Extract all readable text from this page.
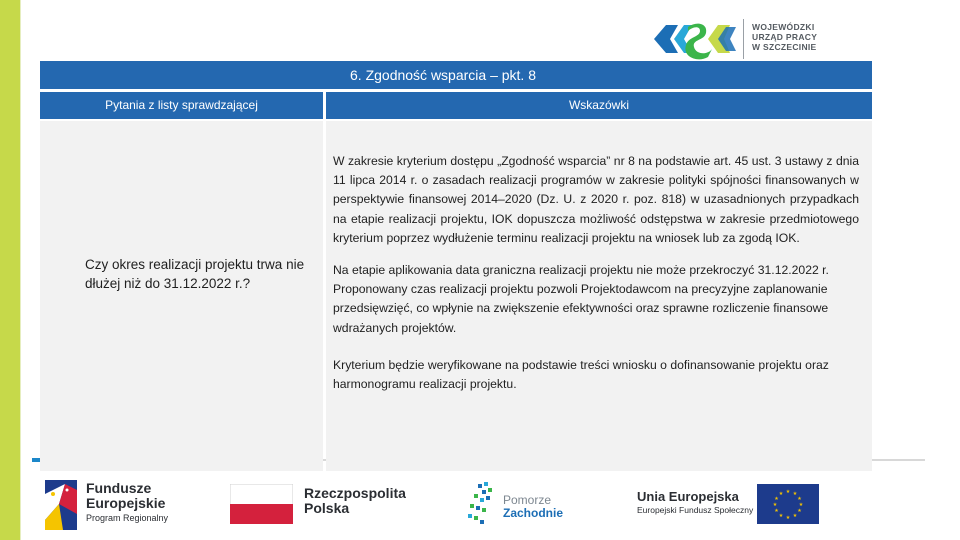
WOJEWÓDZKI
URZĄD PRACY
W SZCZECINIE
6. Zgodność wsparcia – pkt. 8
Pytania z listy sprawdzającej	Wskazówki
Czy okres realizacji projektu trwa nie dłużej niż do 31.12.2022 r.?

W zakresie kryterium dostępu „Zgodność wsparcia” nr 8 na podstawie art. 45 ust. 3 ustawy z dnia 11 lipca 2014 r. o zasadach realizacji programów w zakresie polityki spójności finansowanych w perspektywie finansowej 2014–2020 (Dz. U. z 2020 r. poz. 818) w uzasadnionych przypadkach na etapie realizacji projektu, IOK dopuszcza możliwość odstępstwa w zakresie przedmiotowego kryterium poprzez wydłużenie terminu realizacji projektu na wniosek lub za zgodą IOK.

Na etapie aplikowania data graniczna realizacji projektu nie może przekroczyć 31.12.2022 r.

Proponowany czas realizacji projektu pozwoli Projektodawcom na precyzyjne zaplanowanie przedsięwzięć, co wpłynie na zwiększenie efektywności oraz sprawne rozliczenie finansowe wdrażanych projektów.

Kryterium będzie weryfikowane na podstawie treści wniosku o dofinansowanie projektu oraz harmonogramu realizacji projektu.

Fundusze
Europejskie
Program Regionalny
Rzeczpospolita
Polska	Pomorze
Zachodnie
Unia Europejska
Europejski Fundusz Społeczny
★ ★
★
★
★
★
★
★
★
★
★
★
